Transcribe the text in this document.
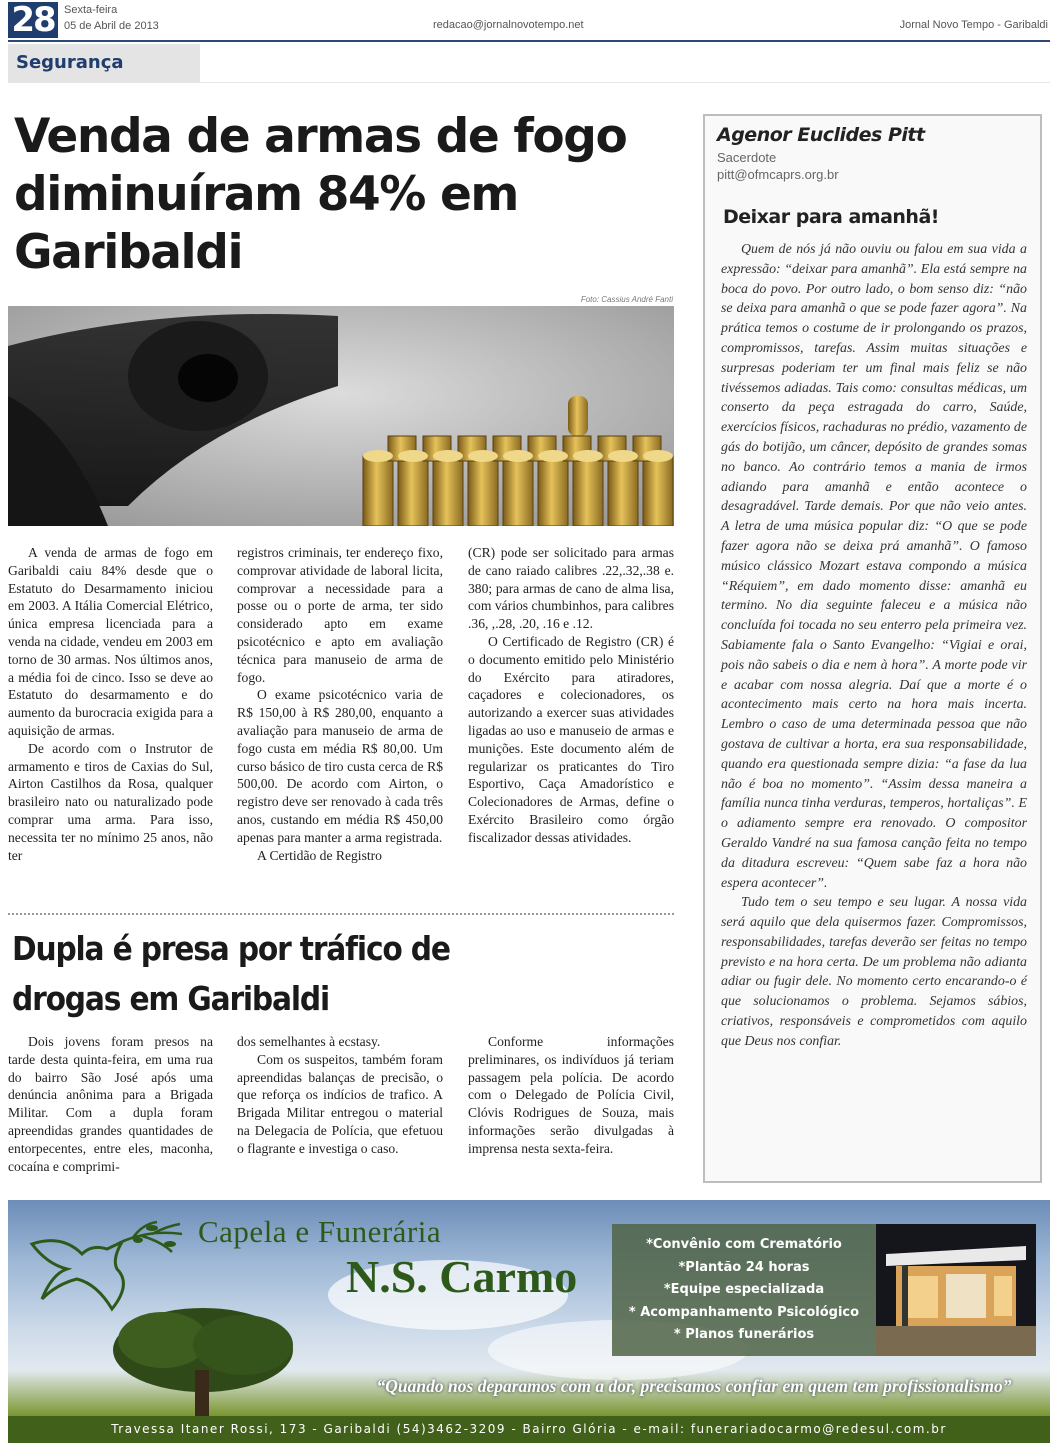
28 Sexta-feira
05 de Abril de 2013	redacao@jornalnovotempo.net	Jornal Novo Tempo - Garibaldi
Segurança
Venda de armas de fogo diminuíram 84% em Garibaldi
Foto: Cassius André Fanti

A venda de armas de fogo em Garibaldi caiu 84% desde que o Estatuto do Desarmamento iniciou em 2003. A Itália Comercial Elétrico, única empresa licenciada para a venda na cidade, vendeu em 2003 em torno de 30 armas. Nos últimos anos, a média foi de cinco. Isso se deve ao Estatuto do desarmamento e do aumento da burocracia exigida para a aquisição de armas.

De acordo com o Instrutor de armamento e tiros de Caxias do Sul, Airton Castilhos da Rosa, qualquer brasileiro nato ou naturalizado pode comprar uma arma. Para isso, necessita ter no mínimo 25 anos, não ter

registros criminais, ter endereço fixo, comprovar atividade de laboral licita, comprovar a necessidade para a posse ou o porte de arma, ter sido considerado apto em exame psicotécnico e apto em avaliação técnica para manuseio de arma de fogo.

O exame psicotécnico varia de R$ 150,00 à R$ 280,00, enquanto a avaliação para manuseio de arma de fogo custa em média R$ 80,00. Um curso básico de tiro custa cerca de R$ 500,00. De acordo com Airton, o registro deve ser renovado à cada três anos, custando em média R$ 450,00 apenas para manter a arma registrada.

A Certidão de Registro

(CR) pode ser solicitado para armas de cano raiado calibres .22,.32,.38 e. 380; para armas de cano de alma lisa, com vários chumbinhos, para calibres .36, ,.28, .20, .16 e .12.

O Certificado de Registro (CR) é o documento emitido pelo Ministério do Exército para atiradores, caçadores e colecionadores, os autorizando a exercer suas atividades ligadas ao uso e manuseio de armas e munições. Este documento além de regularizar os praticantes do Tiro Esportivo, Caça Amadorístico e Colecionadores de Armas, define o Exército Brasileiro como órgão fiscalizador dessas atividades.

Dupla é presa por tráfico de
drogas em Garibaldi

Dois jovens foram presos na tarde desta quinta-feira, em uma rua do bairro São José após uma denúncia anônima para a Brigada Militar. Com a dupla foram apreendidas grandes quantidades de entorpecentes, entre eles, maconha, cocaína e comprimi-

dos semelhantes à ecstasy.

Com os suspeitos, também foram apreendidas balanças de precisão, o que reforça os indícios de trafico. A Brigada Militar entregou o material na Delegacia de Polícia, que efetuou o flagrante e investiga o caso.

Conforme informações preliminares, os indivíduos já teriam passagem pela polícia. De acordo com o Delegado de Polícia Civil, Clóvis Rodrigues de Souza, mais informações serão divulgadas à imprensa nesta sexta-feira.

Agenor Euclides Pitt
Sacerdote
pitt@ofmcaprs.org.br
Deixar para amanhã!

Quem de nós já não ouviu ou falou em sua vida a expressão: “deixar para amanhã”. Ela está sempre na boca do povo. Por outro lado, o bom senso diz: “não se deixa para amanhã o que se pode fazer agora”. Na prática temos o costume de ir prolongando os prazos, compromissos, tarefas. Assim muitas situações e surpresas poderiam ter um final mais feliz se não tivéssemos adiadas. Tais como: consultas médicas, um conserto da peça estragada do carro, Saúde, exercícios físicos, rachaduras no prédio, vazamento de gás do botijão, um câncer, depósito de grandes somas no banco. Ao contrário temos a mania de irmos adiando para amanhã e então acontece o desagradável. Tarde demais. Por que não veio antes. A letra de uma música popular diz: “O que se pode fazer agora não se deixa prá amanhã”. O famoso músico clássico Mozart estava compondo a música “Réquiem”, em dado momento disse: amanhã eu termino. No dia seguinte faleceu e a música não concluída foi tocada no seu enterro pela primeira vez. Sabiamente fala o Santo Evangelho: “Vigiai e orai, pois não sabeis o dia e nem à hora”. A morte pode vir e acabar com nossa alegria. Daí que a morte é o acontecimento mais certo na hora mais incerta. Lembro o caso de uma determinada pessoa que não gostava de cultivar a horta, era sua responsabilidade, quando era questionada sempre dizia: “a fase da lua não é boa no momento”. “Assim dessa maneira a família nunca tinha verduras, temperos, hortaliças”. E o adiamento sempre era renovado. O compositor Geraldo Vandré na sua famosa canção feita no tempo da ditadura escreveu: “Quem sabe faz a hora não espera acontecer”.

Tudo tem o seu tempo e seu lugar. A nossa vida será aquilo que dela quisermos fazer. Compromissos, responsabilidades, tarefas deverão ser feitas no tempo previsto e na hora certa. De um problema não adianta adiar ou fugir dele. No momento certo encarando-o é que solucionamos o problema. Sejamos sábios, criativos, responsáveis e comprometidos com aquilo que Deus nos confiar.

Capela e Funerária
N.S. Carmo
*Convênio com Crematório
*Plantão 24 horas
*Equipe especializada
* Acompanhamento Psicológico
* Planos funerários
“Quando nos deparamos com a dor, precisamos confiar em quem tem profissionalismo”
Travessa Itaner Rossi, 173 - Garibaldi (54)3462-3209 - Bairro Glória - e-mail: funerariadocarmo@redesul.com.br
